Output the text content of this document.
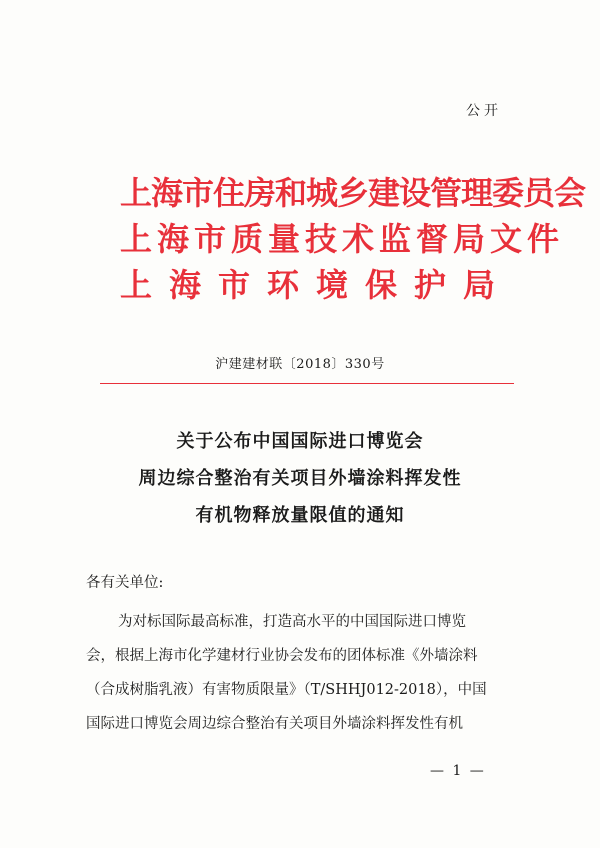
公开
上海市住房和城乡建设管理委员会
上海市质量技术监督局文件
上海市环境保护局
沪建建材联〔2018〕330号
关于公布中国国际进口博览会
周边综合整治有关项目外墙涂料挥发性
有机物释放量限值的通知
各有关单位:
为对标国际最高标准，打造高水平的中国国际进口博览
会，根据上海市化学建材行业协会发布的团体标准《外墙涂料
（合成树脂乳液）有害物质限量》（T/SHHJ012-2018），中国
国际进口博览会周边综合整治有关项目外墙涂料挥发性有机
— 1 —
